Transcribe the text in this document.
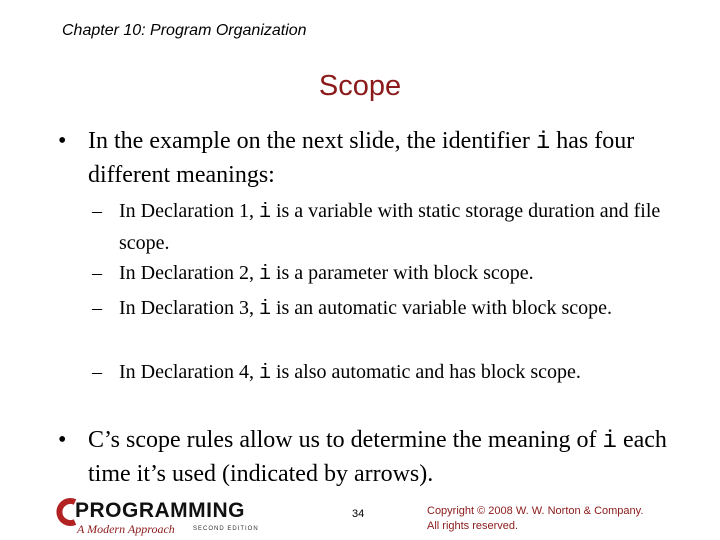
Chapter 10: Program Organization
Scope
• In the example on the next slide, the identifier i has four different meanings:
– In Declaration 1, i is a variable with static storage duration and file scope.
– In Declaration 2, i is a parameter with block scope.
– In Declaration 3, i is an automatic variable with block scope.
– In Declaration 4, i is also automatic and has block scope.
• C’s scope rules allow us to determine the meaning of i each time it’s used (indicated by arrows).
PROGRAMMING
A Modern Approach	SECOND EDITION
34	Copyright © 2008 W. W. Norton & Company.
All rights reserved.
